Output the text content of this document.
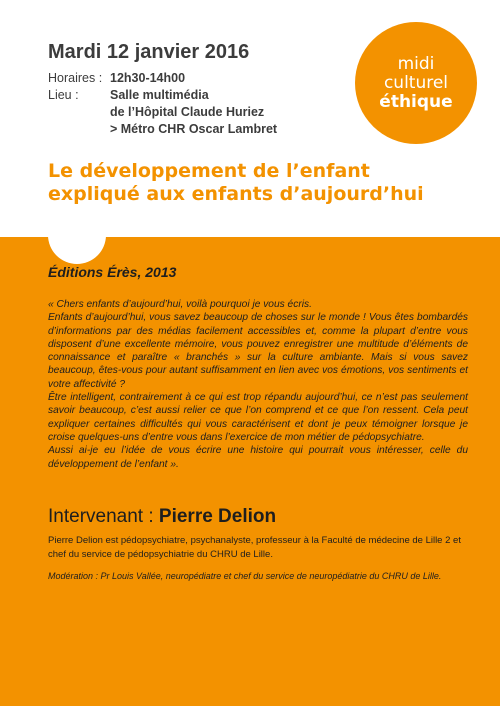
midi
culturel
éthique
Mardi 12 janvier 2016
Horaires : 12h30-14h00
Lieu :	Salle multimédia
de l’Hôpital Claude Huriez
> Métro CHR Oscar Lambret
Le développement de l’enfant
expliqué aux enfants d’aujourd’hui
Éditions Érès, 2013

« Chers enfants d’aujourd’hui, voilà pourquoi je vous écris.

Enfants d’aujourd’hui, vous savez beaucoup de choses sur le monde ! Vous êtes bombardés d’informations par des médias facilement accessibles et, comme la plupart d’entre vous disposent d’une excellente mémoire, vous pouvez enregistrer une multitude d’éléments de connaissance et paraître « branchés » sur la culture ambiante. Mais si vous savez beaucoup, êtes-vous pour autant suffisamment en lien avec vos émotions, vos sentiments et votre affectivité ?

Être intelligent, contrairement à ce qui est trop répandu aujourd’hui, ce n’est pas seulement savoir beaucoup, c’est aussi relier ce que l’on comprend et ce que l’on ressent. Cela peut expliquer certaines difficultés qui vous caractérisent et dont je peux témoigner lorsque je croise quelques-uns d’entre vous dans l’exercice de mon métier de pédopsychiatre.

Aussi ai-je eu l’idée de vous écrire une histoire qui pourrait vous intéresser, celle du développement de l’enfant ».

Intervenant : Pierre Delion
Pierre Delion est pédopsychiatre, psychanalyste, professeur à la Faculté de médecine de Lille 2 et chef du service de pédopsychiatrie du CHRU de Lille.
Modération : Pr Louis Vallée, neuropédiatre et chef du service de neuropédiatrie du CHRU de Lille.
